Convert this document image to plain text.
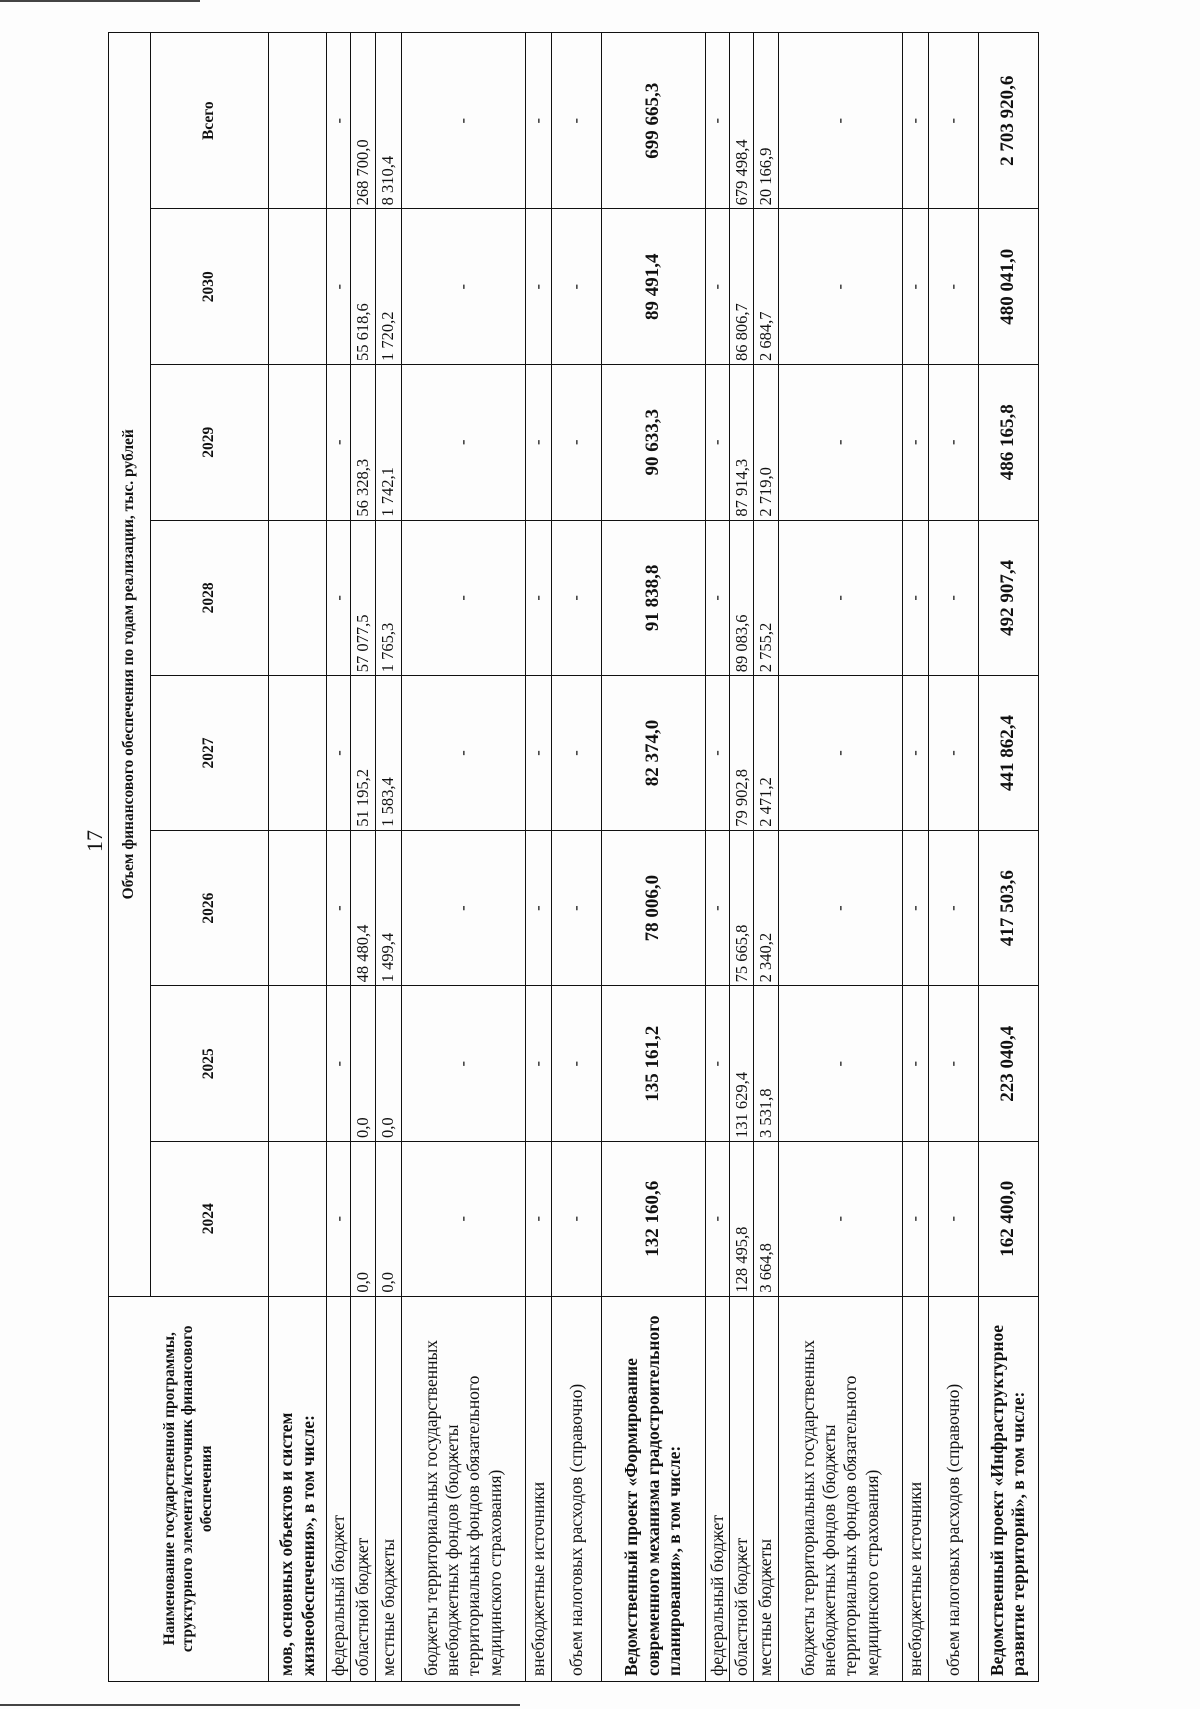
17
Наименование государственной программы, структурного элемента/источник финансового обеспечения	Объем финансового обеспечения по годам реализации, тыс. рублей							
	2024	2025	2026	2027	2028	2029	2030	Всего
мов, основных объектов и систем жизнеобеспечения», в том числе:								
федеральный бюджет	-	-	-	-	-	-	-	-
областной бюджет	0,0	0,0	48 480,4	51 195,2	57 077,5	56 328,3	55 618,6	268 700,0
местные бюджеты	0,0	0,0	1 499,4	1 583,4	1 765,3	1 742,1	1 720,2	8 310,4
бюджеты территориальных государственных внебюджетных фондов (бюджеты территориальных фондов обязательного медицинского страхования)	-	-	-	-	-	-	-	-
внебюджетные источники	-	-	-	-	-	-	-	-
объем налоговых расходов (справочно)	-	-	-	-	-	-	-	-
Ведомственный проект «Формирование современного механизма градостроительного планирования», в том числе:	132 160,6	135 161,2	78 006,0	82 374,0	91 838,8	90 633,3	89 491,4	699 665,3
федеральный бюджет	-	-	-	-	-	-	-	-
областной бюджет	128 495,8	131 629,4	75 665,8	79 902,8	89 083,6	87 914,3	86 806,7	679 498,4
местные бюджеты	3 664,8	3 531,8	2 340,2	2 471,2	2 755,2	2 719,0	2 684,7	20 166,9
бюджеты территориальных государственных внебюджетных фондов (бюджеты территориальных фондов обязательного медицинского страхования)	-	-	-	-	-	-	-	-
внебюджетные источники	-	-	-	-	-	-	-	-
объем налоговых расходов (справочно)	-	-	-	-	-	-	-	-
Ведомственный проект «Инфраструктурное развитие территорий», в том числе:	162 400,0	223 040,4	417 503,6	441 862,4	492 907,4	486 165,8	480 041,0	2 703 920,6
